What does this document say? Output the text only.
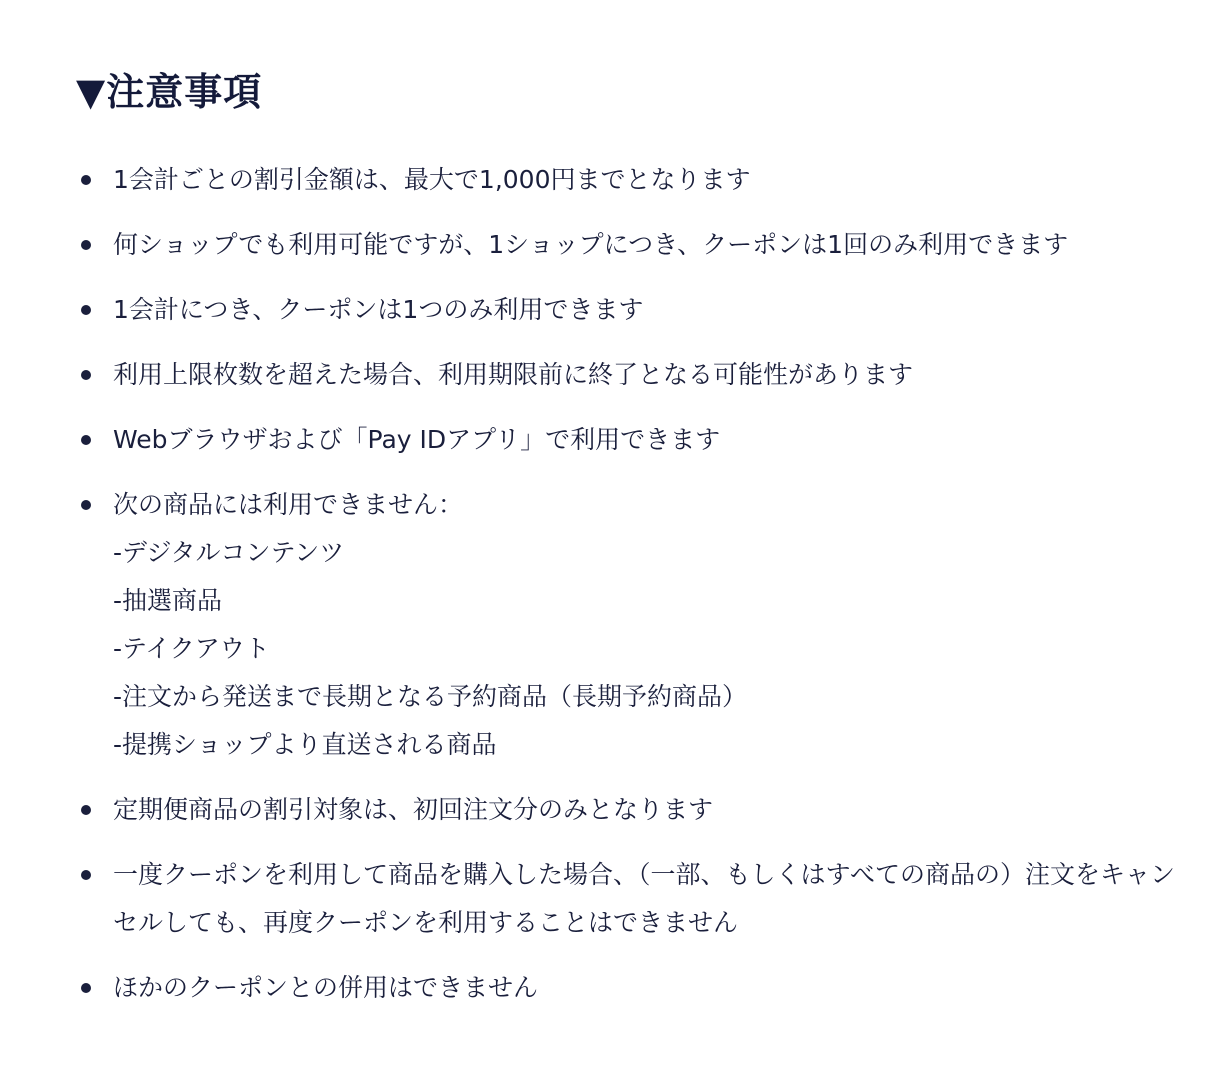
▼注意事項
1会計ごとの割引金額は、最大で1,000円までとなります
何ショップでも利用可能ですが、1ショップにつき、クーポンは1回のみ利用できます
1会計につき、クーポンは1つのみ利用できます
利用上限枚数を超えた場合、利用期限前に終了となる可能性があります
Webブラウザおよび「Pay IDアプリ」で利用できます
次の商品には利用できません：
-デジタルコンテンツ
-抽選商品
-テイクアウト
-注文から発送まで長期となる予約商品（長期予約商品）
-提携ショップより直送される商品
定期便商品の割引対象は、初回注文分のみとなります
一度クーポンを利用して商品を購入した場合、（一部、もしくはすべての商品の）注文をキャンセルしても、再度クーポンを利用することはできません
ほかのクーポンとの併用はできません
